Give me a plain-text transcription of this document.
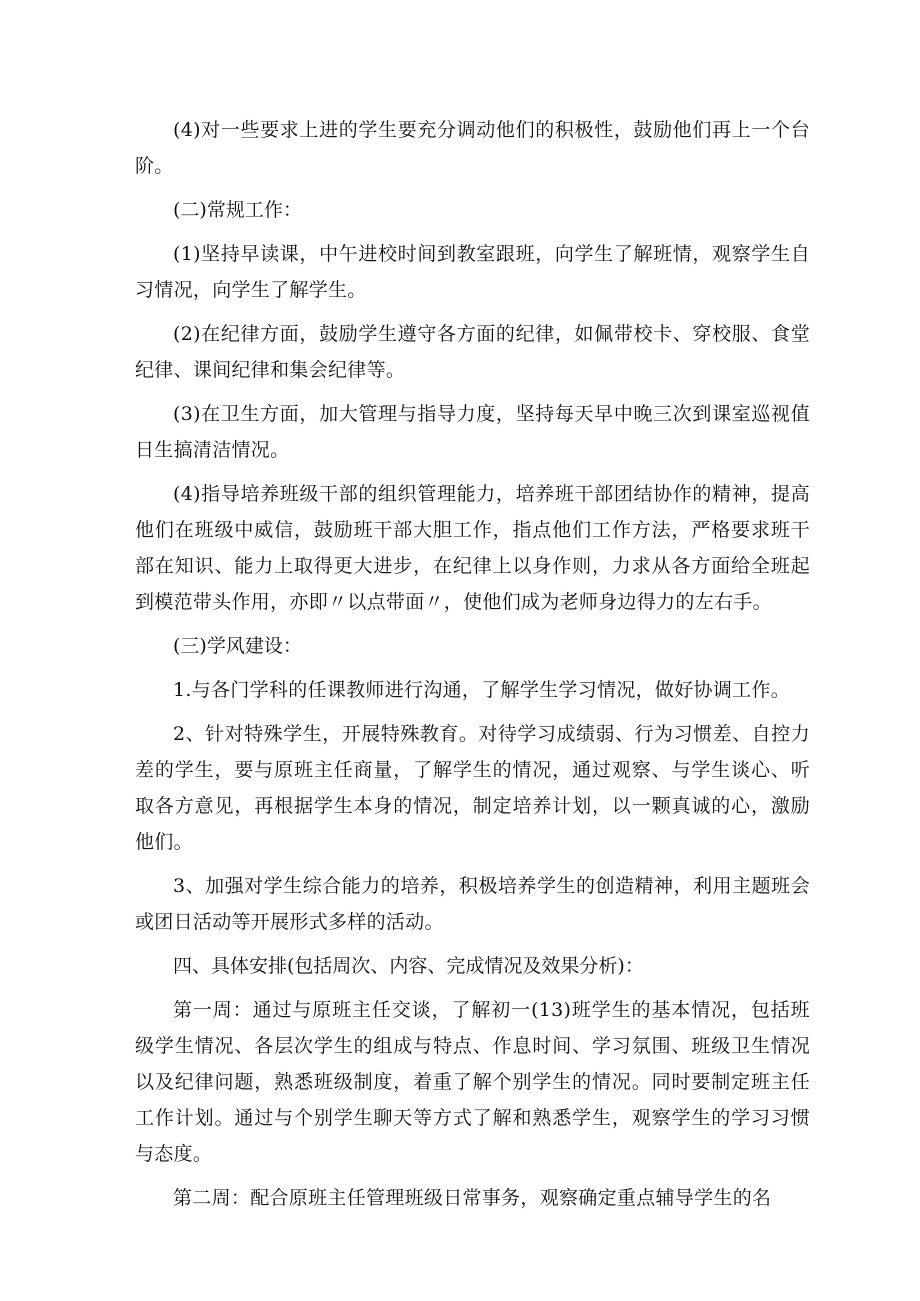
(4)对一些要求上进的学生要充分调动他们的积极性，鼓励他们再上一个台阶。

(二)常规工作：

(1)坚持早读课，中午进校时间到教室跟班，向学生了解班情，观察学生自习情况，向学生了解学生。

(2)在纪律方面，鼓励学生遵守各方面的纪律，如佩带校卡、穿校服、食堂纪律、课间纪律和集会纪律等。

(3)在卫生方面，加大管理与指导力度，坚持每天早中晚三次到课室巡视值日生搞清洁情况。

(4)指导培养班级干部的组织管理能力，培养班干部团结协作的精神，提高他们在班级中威信，鼓励班干部大胆工作，指点他们工作方法，严格要求班干部在知识、能力上取得更大进步，在纪律上以身作则，力求从各方面给全班起到模范带头作用，亦即〃以点带面〃，使他们成为老师身边得力的左右手。

(三)学风建设：

1.与各门学科的任课教师进行沟通，了解学生学习情况，做好协调工作。

2、针对特殊学生，开展特殊教育。对待学习成绩弱、行为习惯差、自控力差的学生，要与原班主任商量，了解学生的情况，通过观察、与学生谈心、听取各方意见，再根据学生本身的情况，制定培养计划，以一颗真诚的心，激励他们。

3、加强对学生综合能力的培养，积极培养学生的创造精神，利用主题班会或团日活动等开展形式多样的活动。

四、具体安排(包括周次、内容、完成情况及效果分析)：

第一周：通过与原班主任交谈，了解初一(13)班学生的基本情况，包括班级学生情况、各层次学生的组成与特点、作息时间、学习氛围、班级卫生情况以及纪律问题，熟悉班级制度，着重了解个别学生的情况。同时要制定班主任工作计划。通过与个别学生聊天等方式了解和熟悉学生，观察学生的学习习惯与态度。

第二周：配合原班主任管理班级日常事务，观察确定重点辅导学生的名
